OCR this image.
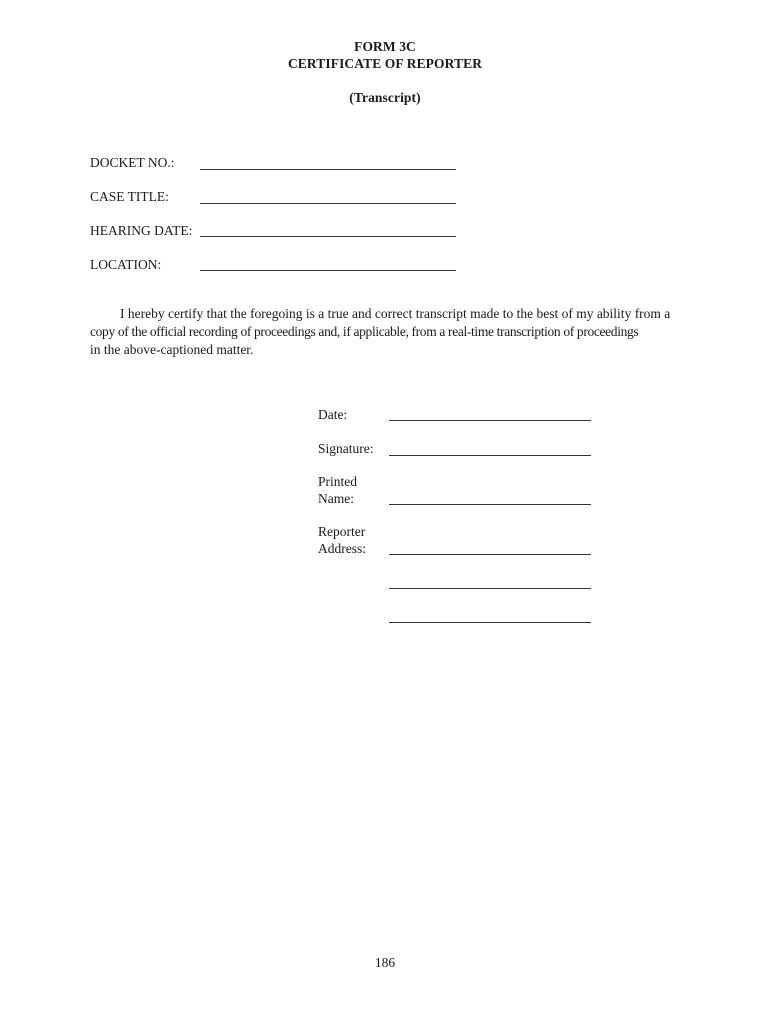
FORM 3C
CERTIFICATE OF REPORTER
(Transcript)
DOCKET NO.:
CASE TITLE:
HEARING DATE:
LOCATION:
I hereby certify that the foregoing is a true and correct transcript made to the best of my ability from a
copy of the official recording of proceedings and, if applicable, from a real-time transcription of proceedings
in the above-captioned matter.
Date:
Signature:
Printed
Name:
Reporter
Address:
186
